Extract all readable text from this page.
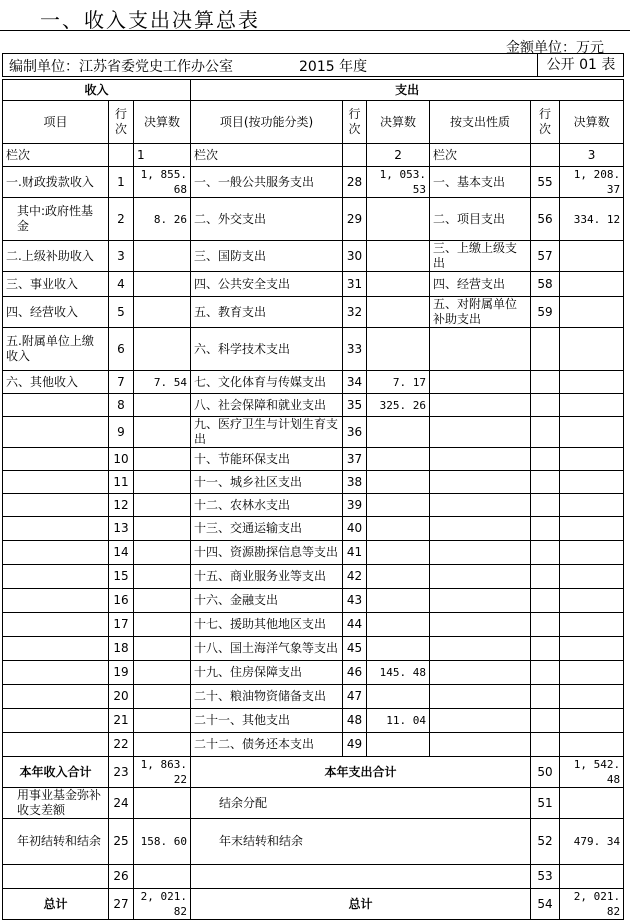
一、收入支出决算总表
金额单位：万元
编制单位：江苏省委党史工作办公室	2015 年度	公开 01 表
收入			支出					
项目	行次	决算数	项目(按功能分类)	行次	决算数	按支出性质	行次	决算数
栏次		1	栏次		2	栏次		3
一.财政拨款收入	1	1, 855. 68	一、一般公共服务支出	28	1, 053. 53	一、基本支出	55	1, 208. 37
其中:政府性基金	2	8. 26	二、外交支出	29		二、项目支出	56	334. 12
二.上级补助收入	3		三、国防支出	30		三、上缴上级支出	57	
三、事业收入	4		四、公共安全支出	31		四、经营支出	58	
四、经营收入	5		五、教育支出	32		五、对附属单位补助支出	59	
五.附属单位上缴收入	6		六、科学技术支出	33				
六、其他收入	7	7. 54	七、文化体育与传媒支出	34	7. 17			
	8		八、社会保障和就业支出	35	325. 26			
	9		九、医疗卫生与计划生育支出	36				
	10		十、节能环保支出	37				
	11		十一、城乡社区支出	38				
	12		十二、农林水支出	39				
	13		十三、交通运输支出	40				
	14		十四、资源勘探信息等支出	41				
	15		十五、商业服务业等支出	42				
	16		十六、金融支出	43				
	17		十七、援助其他地区支出	44				
	18		十八、国土海洋气象等支出	45				
	19		十九、住房保障支出	46	145. 48			
	20		二十、粮油物资储备支出	47				
	21		二十一、其他支出	48	11. 04			
	22		二十二、债务还本支出	49				
本年收入合计	23	1, 863. 22	本年支出合计				50	1, 542. 48
用事业基金弥补收支差额	24		结余分配				51	
年初结转和结余	25	158. 60	年末结转和结余				52	479. 34
	26						53	
总计	27	2, 021. 82	总计				54	2, 021. 82
